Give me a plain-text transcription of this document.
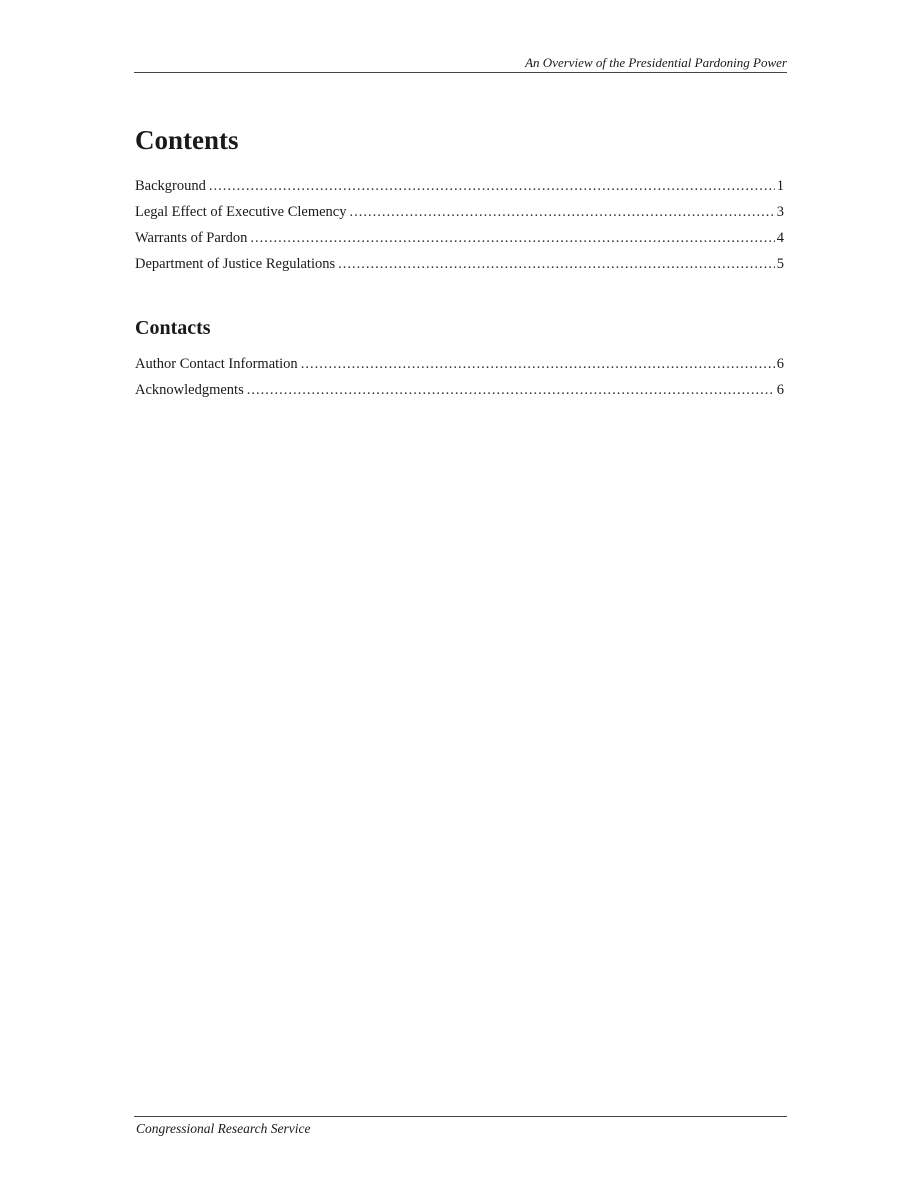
An Overview of the Presidential Pardoning Power
Contents
Background .....	1
Legal Effect of Executive Clemency .....	3
Warrants of Pardon .....	4
Department of Justice Regulations .....	5
Contacts
Author Contact Information .....	6
Acknowledgments .....	6
Congressional Research Service
